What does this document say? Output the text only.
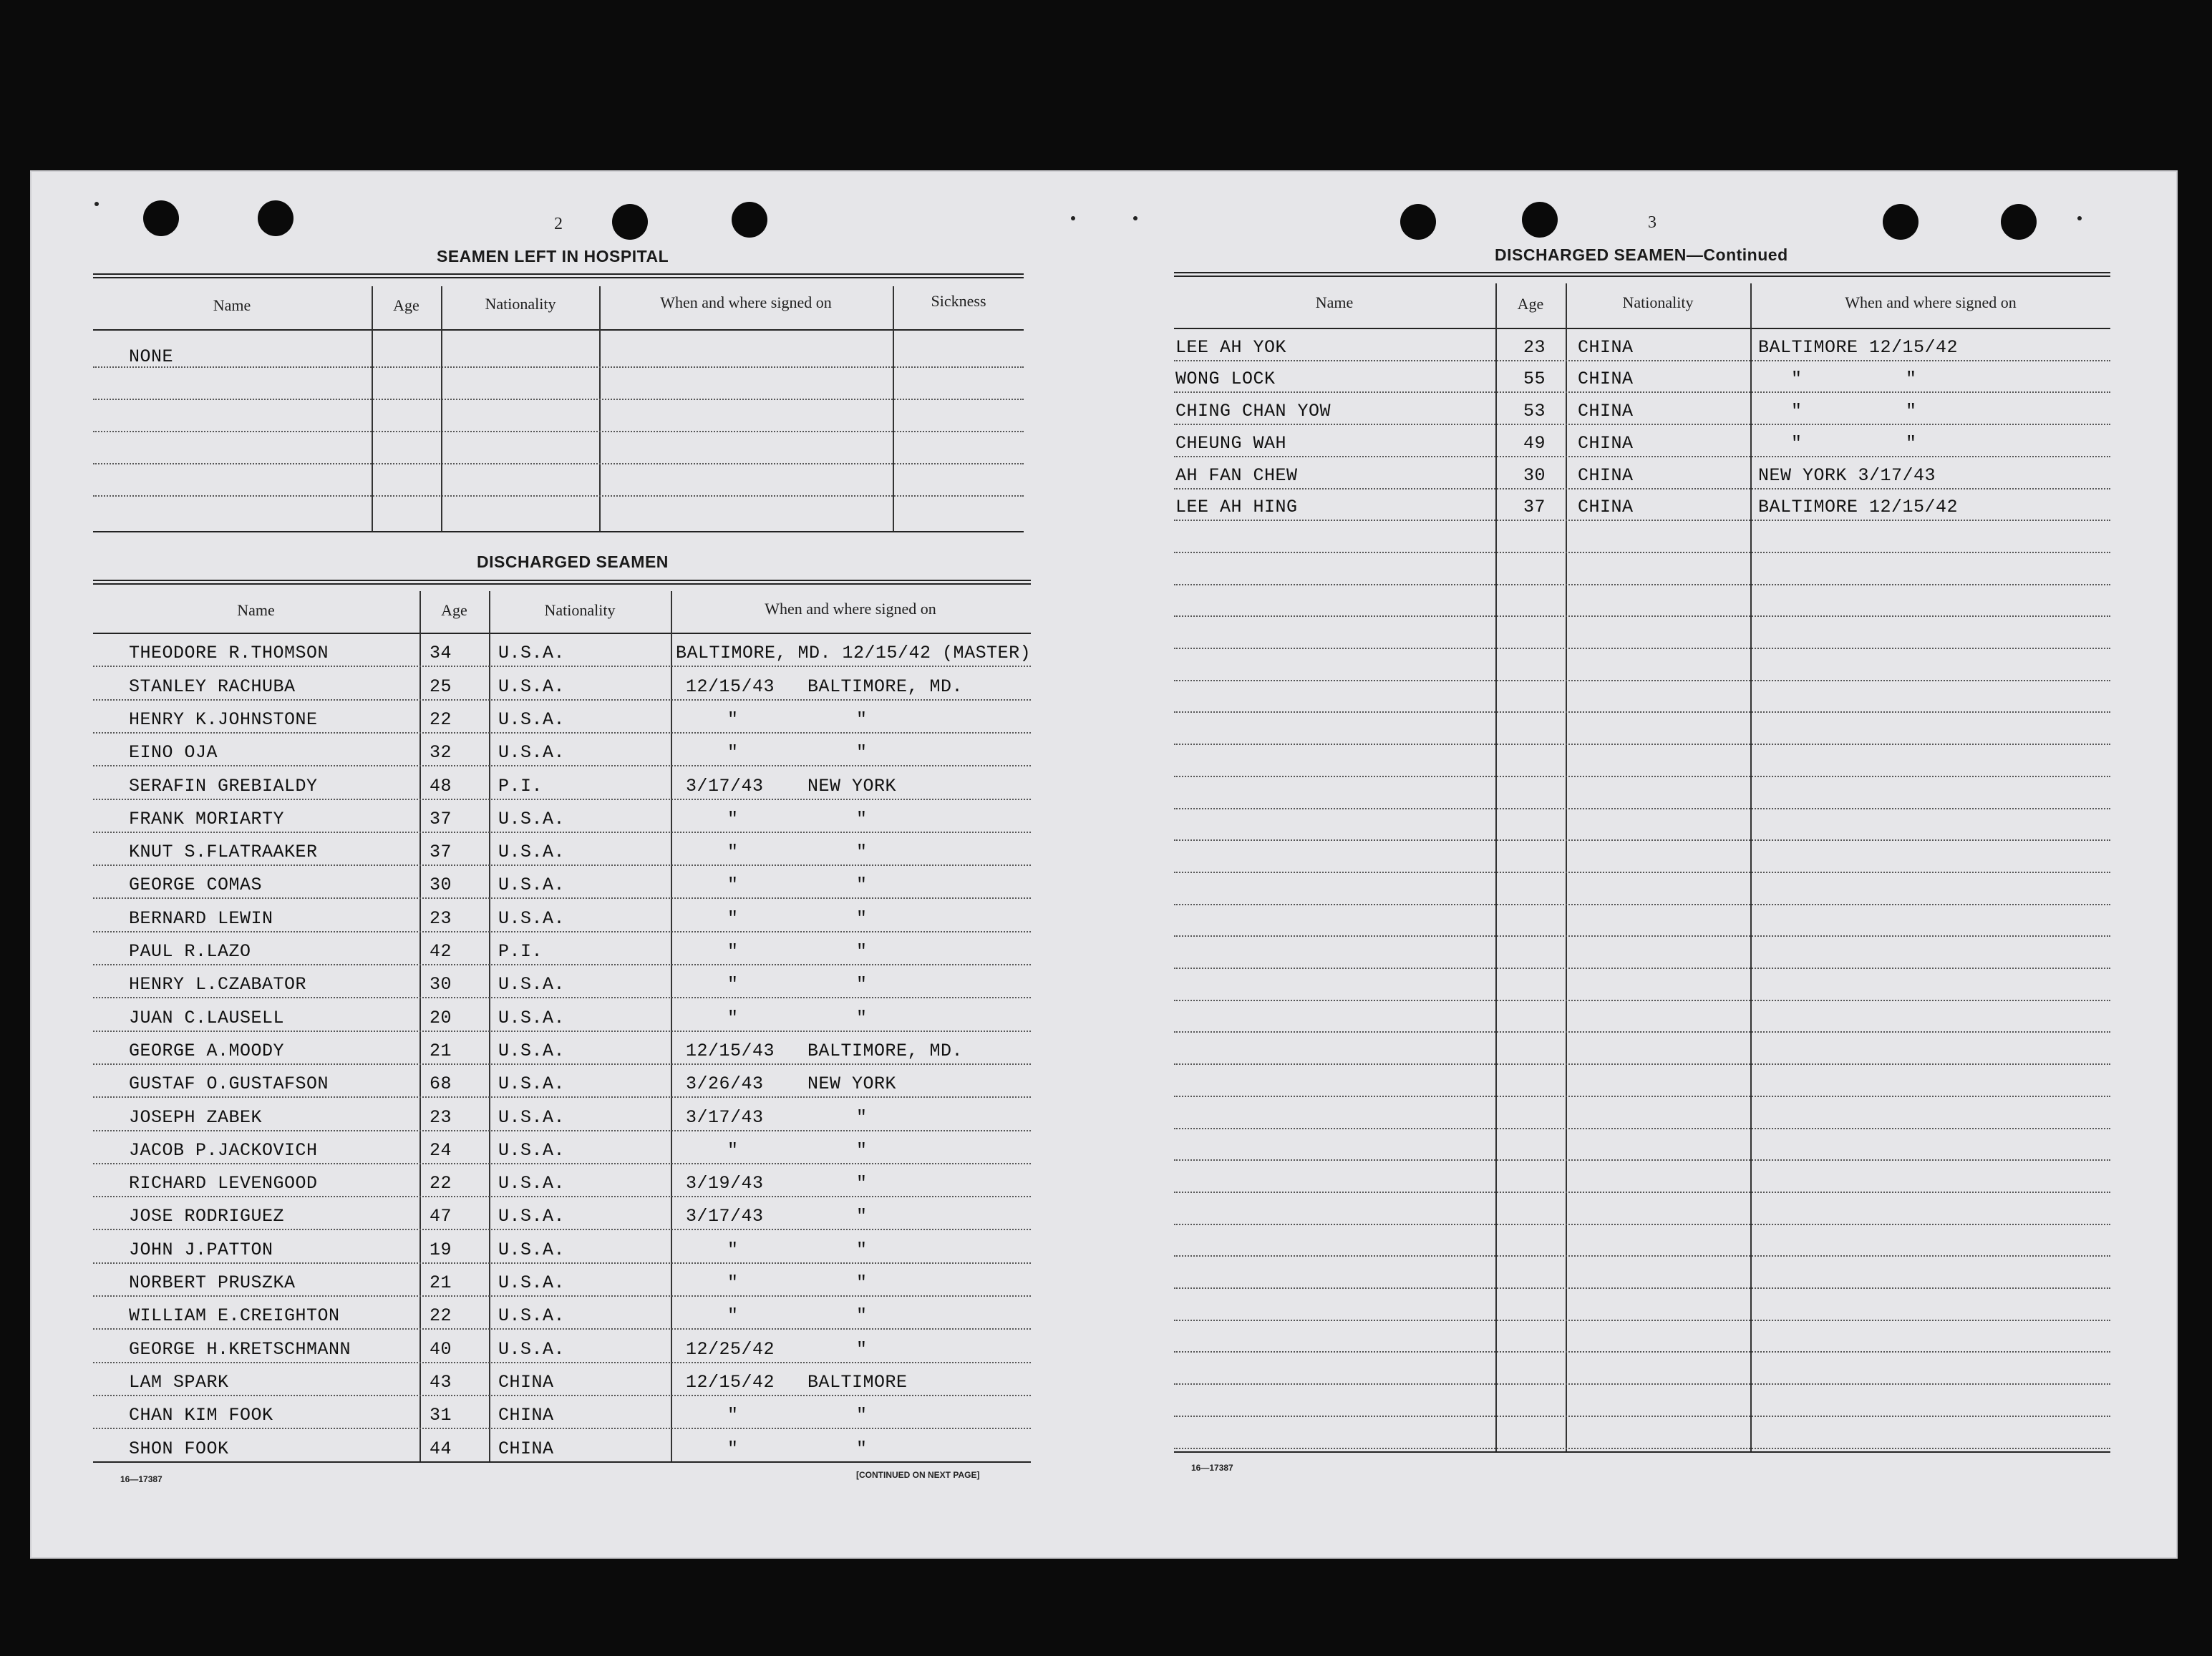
2
SEAMEN LEFT IN HOSPITAL
Name	Age	Nationality	When and where signed on	Sickness
NONE
DISCHARGED SEAMEN
Name	Age	Nationality	When and where signed on
THEODORE R.THOMSON	34	U.S.A.	BALTIMORE, MD. 12/15/42 (MASTER)
STANLEY RACHUBA	25	U.S.A.	12/15/43 BALTIMORE, MD.
HENRY K.JOHNSTONE	22	U.S.A.	"	"
EINO OJA	32	U.S.A.	"	"
SERAFIN GREBIALDY	48	P.I.	3/17/43 NEW YORK
FRANK MORIARTY	37	U.S.A.	"	"
KNUT S.FLATRAAKER	37	U.S.A.	"	"
GEORGE COMAS	30	U.S.A.	"	"
BERNARD LEWIN	23	U.S.A.	"	"
PAUL R.LAZO	42	P.I.	"	"
HENRY L.CZABATOR	30	U.S.A.	"	"
JUAN C.LAUSELL	20	U.S.A.	"	"
GEORGE A.MOODY	21	U.S.A.	12/15/43 BALTIMORE, MD.
GUSTAF O.GUSTAFSON	68	U.S.A.	3/26/43 NEW YORK
JOSEPH ZABEK	23	U.S.A.	3/17/43	"
JACOB P.JACKOVICH	24	U.S.A.	"	"
RICHARD LEVENGOOD	22	U.S.A.	3/19/43	"
JOSE RODRIGUEZ	47	U.S.A.	3/17/43	"
JOHN J.PATTON	19	U.S.A.	"	"
NORBERT PRUSZKA	21	U.S.A.	"	"
WILLIAM E.CREIGHTON	22	U.S.A.	"	"
GEORGE H.KRETSCHMANN	40	U.S.A.	12/25/42	"
LAM SPARK	43	CHINA	12/15/42 BALTIMORE
CHAN KIM FOOK	31	CHINA	"	"
SHON FOOK	44	CHINA	"	"
16—17387	[CONTINUED ON NEXT PAGE]
3
DISCHARGED SEAMEN—Continued
Name	Age	Nationality	When and where signed on
LEE AH YOK	23 CHINA	BALTIMORE 12/15/42
WONG LOCK	55 CHINA	"	"
CHING CHAN YOW	53 CHINA	"	"
CHEUNG WAH	49 CHINA	"	"
AH FAN CHEW	30 CHINA	NEW YORK 3/17/43
LEE AH HING	37 CHINA	BALTIMORE 12/15/42
16—17387
